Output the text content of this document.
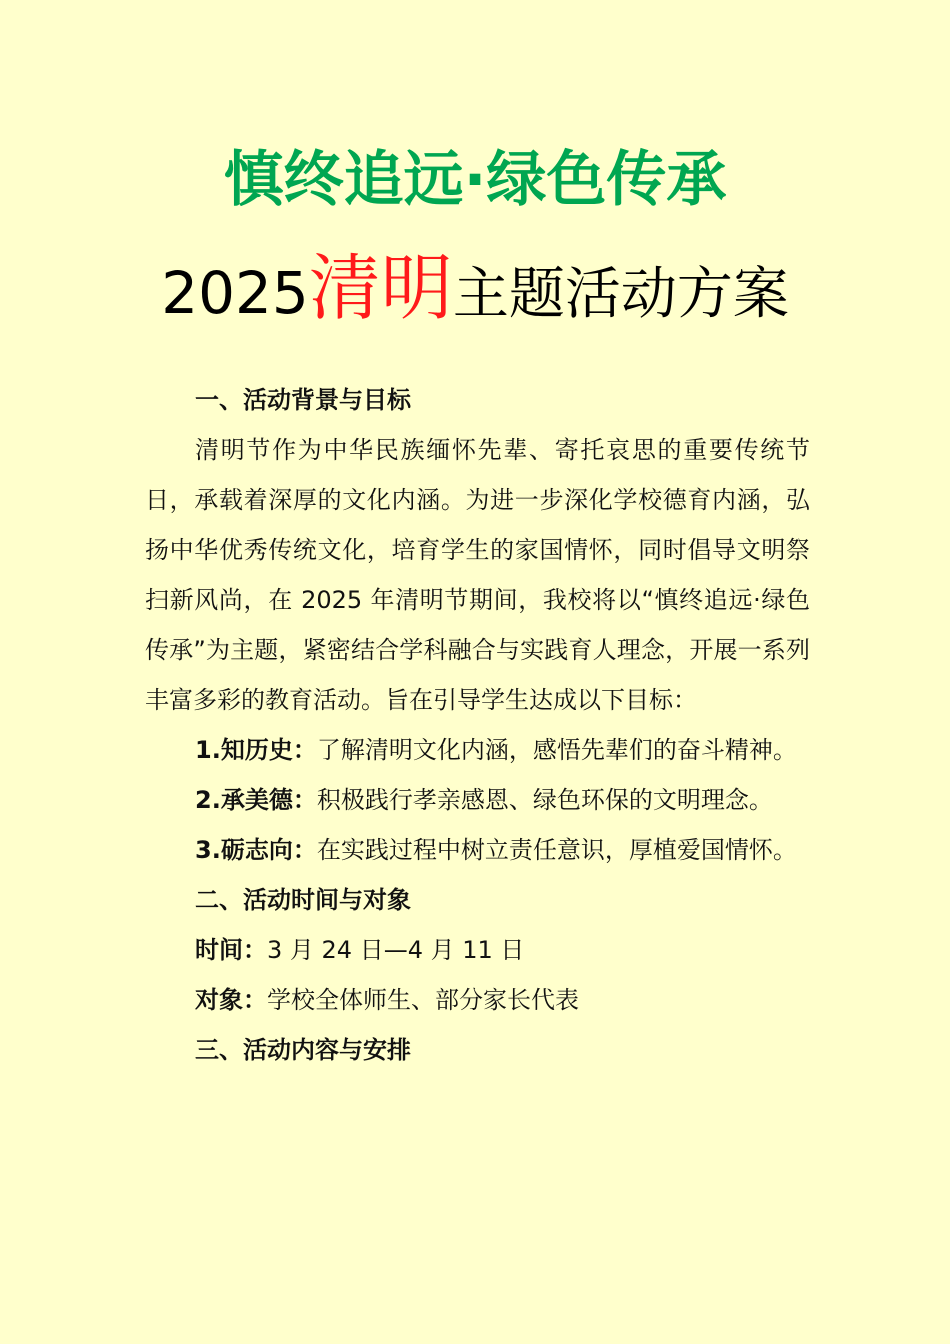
慎终追远·绿色传承
2025清明主题活动方案

一、活动背景与目标

清明节作为中华民族缅怀先辈、寄托哀思的重要传统节日，承载着深厚的文化内涵。为进一步深化学校德育内涵，弘扬中华优秀传统文化，培育学生的家国情怀，同时倡导文明祭扫新风尚，在 2025 年清明节期间，我校将以“慎终追远·绿色传承”为主题，紧密结合学科融合与实践育人理念，开展一系列丰富多彩的教育活动。旨在引导学生达成以下目标：

1.知历史：了解清明文化内涵，感悟先辈们的奋斗精神。

2.承美德：积极践行孝亲感恩、绿色环保的文明理念。

3.砺志向：在实践过程中树立责任意识，厚植爱国情怀。

二、活动时间与对象

时间：3 月 24 日—4 月 11 日

对象：学校全体师生、部分家长代表

三、活动内容与安排
